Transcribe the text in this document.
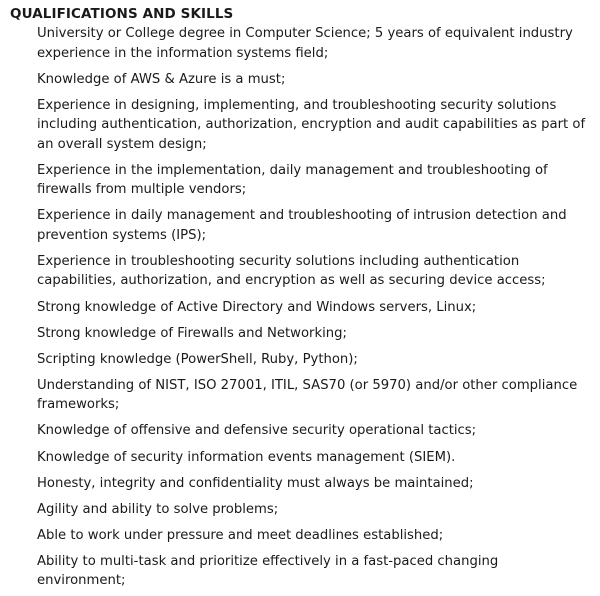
QUALIFICATIONS AND SKILLS
University or College degree in Computer Science; 5 years of equivalent industry experience in the information systems field;
Knowledge of AWS & Azure is a must;
Experience in designing, implementing, and troubleshooting security solutions including authentication, authorization, encryption and audit capabilities as part of an overall system design;
Experience in the implementation, daily management and troubleshooting of firewalls from multiple vendors;
Experience in daily management and troubleshooting of intrusion detection and prevention systems (IPS);
Experience in troubleshooting security solutions including authentication capabilities, authorization, and encryption as well as securing device access;
Strong knowledge of Active Directory and Windows servers, Linux;
Strong knowledge of Firewalls and Networking;
Scripting knowledge (PowerShell, Ruby, Python);
Understanding of NIST, ISO 27001, ITIL, SAS70 (or 5970) and/or other compliance frameworks;
Knowledge of offensive and defensive security operational tactics;
Knowledge of security information events management (SIEM).
Honesty, integrity and confidentiality must always be maintained;
Agility and ability to solve problems;
Able to work under pressure and meet deadlines established;
Ability to multi-task and prioritize effectively in a fast-paced changing environment;
